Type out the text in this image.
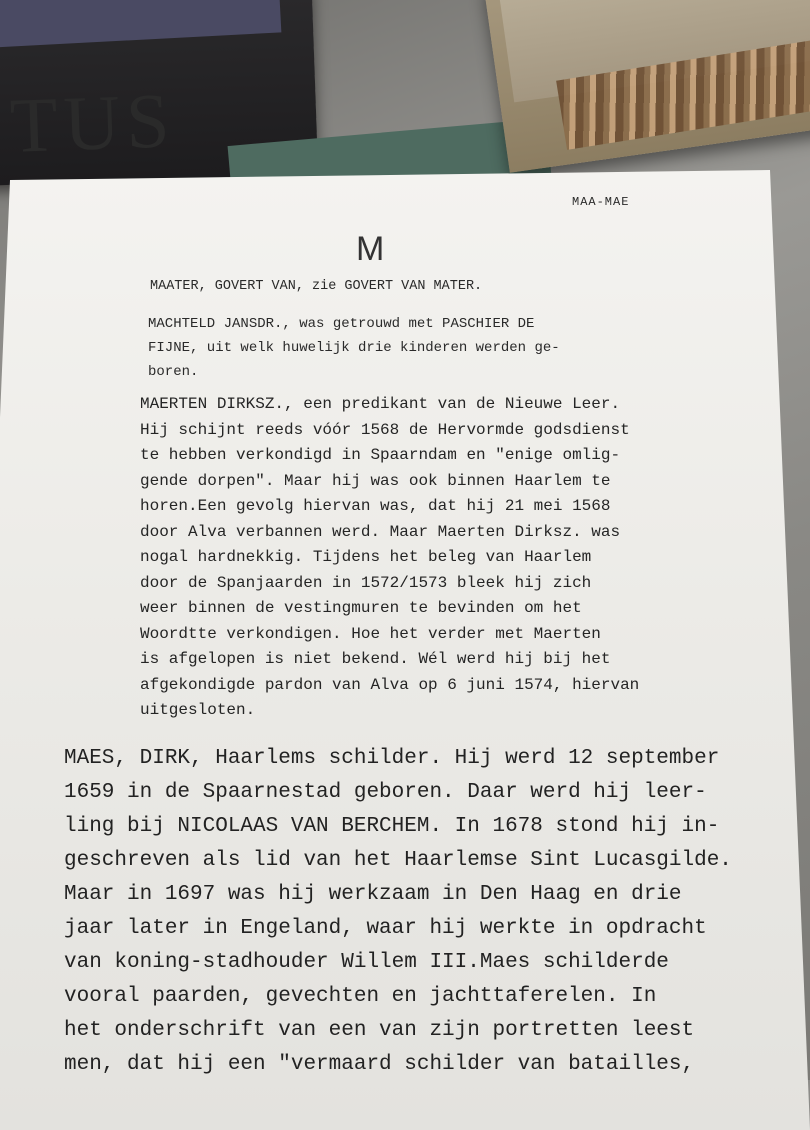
TUS
MAA-MAE
M
MAATER, GOVERT VAN, zie GOVERT VAN MATER.
MACHTELD JANSDR., was getrouwd met PASCHIER DE
FIJNE, uit welk huwelijk drie kinderen werden ge-
boren.
MAERTEN DIRKSZ., een predikant van de Nieuwe Leer.
Hij schijnt reeds vóór 1568 de Hervormde godsdienst
te hebben verkondigd in Spaarndam en "enige omlig-
gende dorpen". Maar hij was ook binnen Haarlem te
horen.Een gevolg hiervan was, dat hij 21 mei 1568
door Alva verbannen werd. Maar Maerten Dirksz. was
nogal hardnekkig. Tijdens het beleg van Haarlem
door de Spanjaarden in 1572/1573 bleek hij zich
weer binnen de vestingmuren te bevinden om het
Woordtte verkondigen. Hoe het verder met Maerten
is afgelopen is niet bekend. Wél werd hij bij het
afgekondigde pardon van Alva op 6 juni 1574, hiervan
uitgesloten.
MAES, DIRK, Haarlems schilder. Hij werd 12 september
1659 in de Spaarnestad geboren. Daar werd hij leer-
ling bij NICOLAAS VAN BERCHEM. In 1678 stond hij in-
geschreven als lid van het Haarlemse Sint Lucasgilde.
Maar in 1697 was hij werkzaam in Den Haag en drie
jaar later in Engeland, waar hij werkte in opdracht
van koning-stadhouder Willem III.Maes schilderde
vooral paarden, gevechten en jachttaferelen. In
het onderschrift van een van zijn portretten leest
men, dat hij een "vermaard schilder van batailles,
